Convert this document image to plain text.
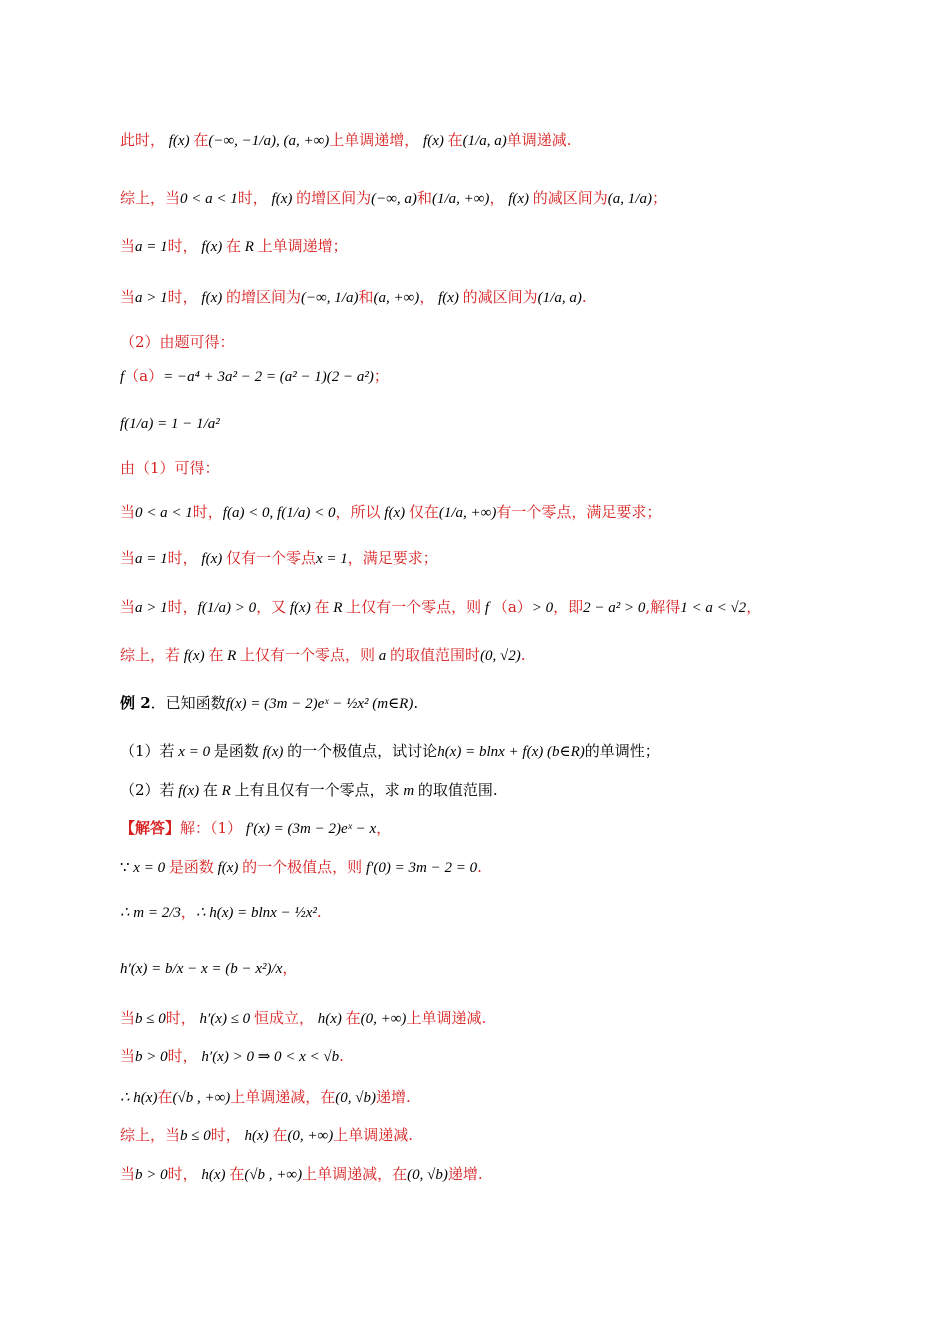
此时， f(x) 在(−∞, −1/a), (a, +∞)上单调递增， f(x) 在(1/a, a)单调递减.
综上，当0 < a < 1时， f(x) 的增区间为(−∞, a)和(1/a, +∞)， f(x) 的减区间为(a, 1/a)；
当a = 1时， f(x) 在 R 上单调递增；
当a > 1时， f(x) 的增区间为(−∞, 1/a)和(a, +∞)， f(x) 的减区间为(1/a, a).
（2）由题可得：
f（a）= −a⁴ + 3a² − 2 = (a² − 1)(2 − a²)；
f(1/a) = 1 − 1/a²
由（1）可得：
当0 < a < 1时，f(a) < 0, f(1/a) < 0，所以 f(x) 仅在(1/a, +∞)有一个零点，满足要求；
当a = 1时， f(x) 仅有一个零点x = 1，满足要求；
当a > 1时，f(1/a) > 0，又 f(x) 在 R 上仅有一个零点，则 f （a）> 0，即2 − a² > 0,解得1 < a < √2，
综上，若 f(x) 在 R 上仅有一个零点，则 a 的取值范围时(0, √2).
例 2．已知函数f(x) = (3m − 2)eˣ − ½x² (m∈R).
（1）若 x = 0 是函数 f(x) 的一个极值点，试讨论h(x) = blnx + f(x) (b∈R)的单调性；
（2）若 f(x) 在 R 上有且仅有一个零点，求 m 的取值范围.
【解答】解：（1） f′(x) = (3m − 2)eˣ − x，
∵ x = 0 是函数 f(x) 的一个极值点，则 f′(0) = 3m − 2 = 0.
∴ m = 2/3，∴ h(x) = blnx − ½x².
h′(x) = b/x − x = (b − x²)/x，
当b ≤ 0时， h′(x) ≤ 0 恒成立， h(x) 在(0, +∞)上单调递减.
当b > 0时， h′(x) > 0 ⇒ 0 < x < √b.
∴ h(x)在(√b , +∞)上单调递减，在(0, √b)递增.
综上，当b ≤ 0时， h(x) 在(0, +∞)上单调递减.
当b > 0时， h(x) 在(√b , +∞)上单调递减，在(0, √b)递增.
